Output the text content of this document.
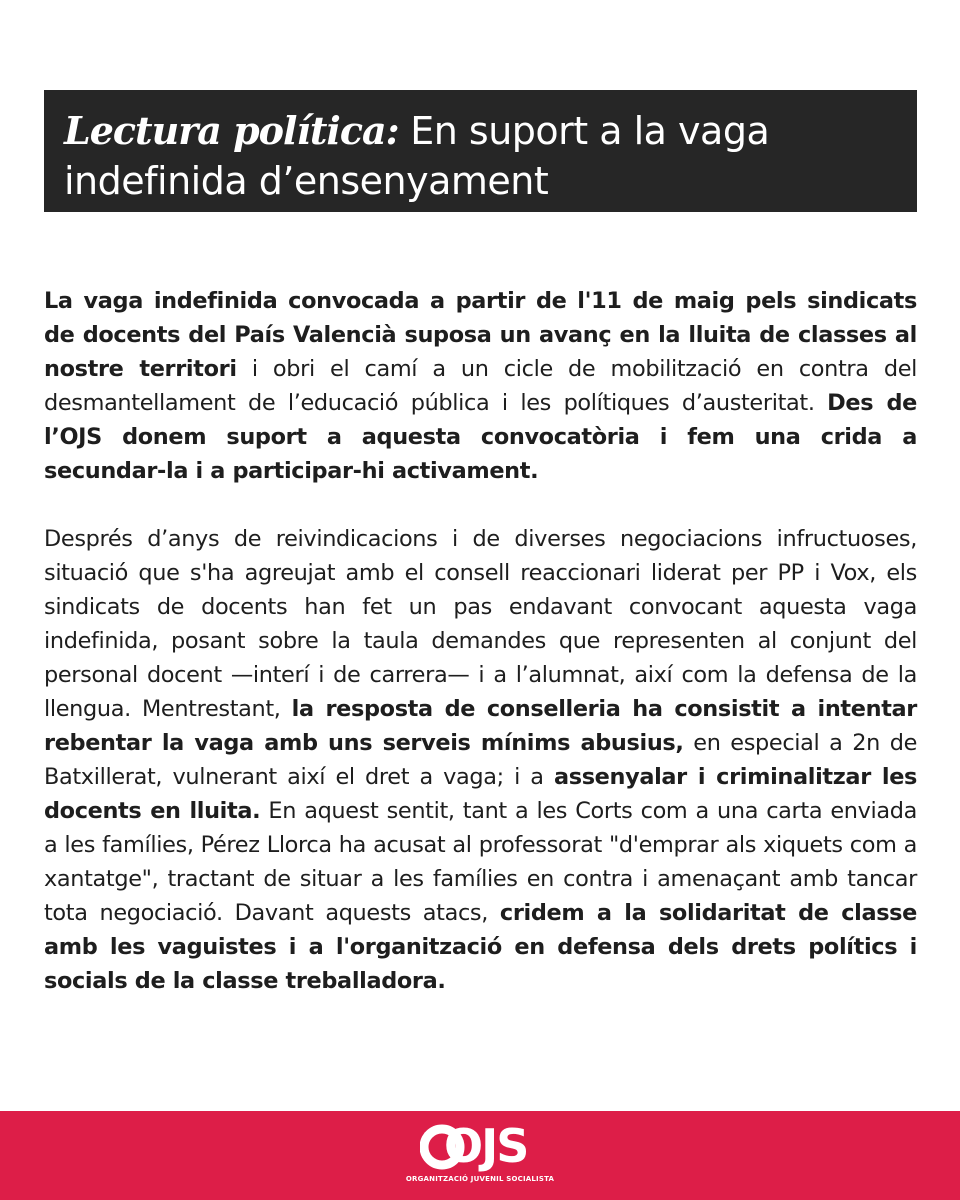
Lectura política: En suport a la vaga
indefinida d’ensenyament

La vaga indefinida convocada a partir de l'11 de maig pels sindicats de docents del País Valencià suposa un avanç en la lluita de classes al nostre territori i obri el camí a un cicle de mobilització en contra del desmantellament de l’educació pública i les polítiques d’austeritat. Des de l’OJS donem suport a aquesta convocatòria i fem una crida a secundar-la i a participar-hi activament.

Després d’anys de reivindicacions i de diverses negociacions infructuoses, situació que s'ha agreujat amb el consell reaccionari liderat per PP i Vox, els sindicats de docents han fet un pas endavant convocant aquesta vaga indefinida, posant sobre la taula demandes que representen al conjunt del personal docent —interí i de carrera— i a l’alumnat, així com la defensa de la llengua. Mentrestant, la resposta de conselleria ha consistit a intentar rebentar la vaga amb uns serveis mínims abusius, en especial a 2n de Batxillerat, vulnerant així el dret a vaga; i a assenyalar i criminalitzar les docents en lluita. En aquest sentit, tant a les Corts com a una carta enviada a les famílies, Pérez Llorca ha acusat al professorat "d'emprar als xiquets com a xantatge", tractant de situar a les famílies en contra i amenaçant amb tancar tota negociació. Davant aquests atacs, cridem a la solidaritat de classe amb les vaguistes i a l'organització en defensa dels drets polítics i socials de la classe treballadora.

OJS
ORGANITZACIÓ JUVENIL SOCIALISTA
